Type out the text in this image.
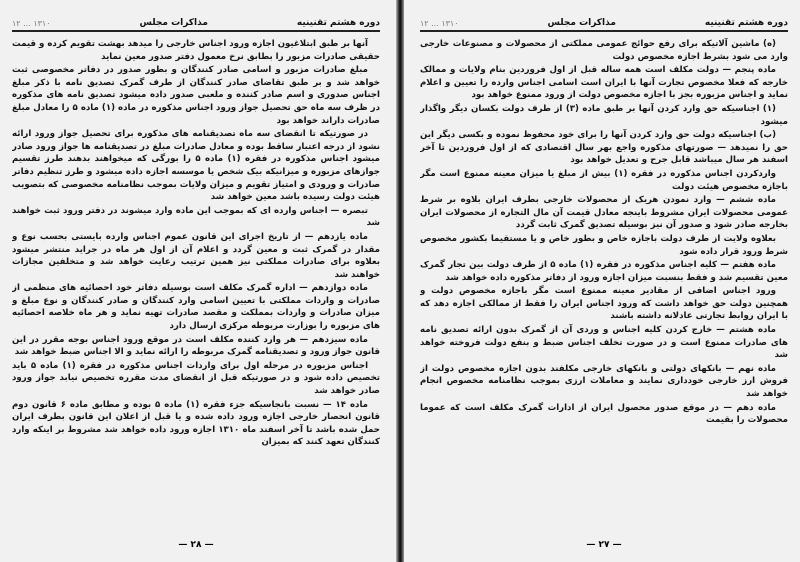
دوره هشتم تقنینیه
مذاکرات مجلس
۱۳۱۰ ... ۱۲

آنها بر طبق ابتلاغیون اجازه ورود اجناس خارجی را میدهد بهشت تقویم کرده و قیمت حقیقی صادرات مزبور را بطابق نرخ معمول دفتر صدور معین نماید

مبلغ صادرات مزبور و اسامی صادر کنندگان و بطور صدور در دفاتر مخصوصی ثبت خواهد شد و بر طبق تقاضای صادر کنندگان از طرف گمرک تصدیق نامه با ذکر مبلغ اجناس صدوری و اسم صادر کننده و ملعبی صدور داده میشود تصدیق نامه های مذکوره در ظرف سه ماه حق تحصیل جواز ورود اجناس مذکوره در ماده (۱) ماده ۵ را معادل مبلغ صادرات داراند خواهد بود

در صورتیکه تا انقضای سه ماه تصدیقنامه های مذکوره برای تحصیل جواز ورود ارائه نشود از درجه اعتبار ساقط بوده و معادل صادرات مبلغ در تصدیقنامه ها جواز ورود صادر میشود اجناس مذکوره در فقره (۱) ماده ۵ را بورگی که میخواهند بدهند طرز تقسیم جوازهای مزبوره و میزانیکه بیک شخص یا موسسه اجازه داده میشود و طرز تنظیم دفاتر صادرات و ورودی و امتیاز تقویم و میزان ولایات بموجب نظامنامه مخصوصی که بتصویب هیئت دولت رسیده باشد معین خواهد شد

تبصره — اجناس وارده ای که بموجب این ماده وارد میشوند در دفتر ورود ثبت خواهند شد

ماده یازدهم — از تاریخ اجرای این قانون عموم اجناس وارده بایستی بحسب نوع و مقدار در گمرک ثبت و معین گردد و اعلام آن از اول هر ماه در جراید منتشر میشود بعلاوه برای صادرات مملکتی نیز همین ترتیب رعایت خواهد شد و متخلفین مجازات خواهند شد

ماده دوازدهم — اداره گمرک مکلف است بوسیله دفاتر خود احصائیه های منظمی از صادرات و واردات مملکتی با تعیین اسامی وارد کنندگان و صادر کنندگان و نوع مبلغ و میزان صادرات و واردات بمملکت و مقصد صادرات تهیه نماید و هر ماه خلاصه احصائیه های مزبوره را بوزارت مربوطه مرکزی ارسال دارد

ماده سیزدهم — هر وارد کننده مکلف است در موقع ورود اجناس بوجه مقرر در این قانون جواز ورود و تصدیقنامه گمرک مربوطه را ارائه نماید و الا اجناس ضبط خواهد شد

اجناس مزبوره در مرحله اول برای واردات اجناس مذکوره در فقره (۱) ماده ۵ باید تخصیص داده شود و در صورتیکه قبل از انقضای مدت مقرره تخصیص نیابد جواز ورود صادر خواهد شد

ماده ۱۴ — نسبت بانجاسیکه جزء فقره (۱) ماده ۵ بوده و مطابق ماده ۶ قانون دوم قانون انحصار خارجی اجازه ورود داده شده و یا قبل از اعلان این قانون بطرف ایران حمل شده باشد تا آخر اسفند ماه ۱۳۱۰ اجازه ورود داده خواهد شد مشروط بر اینکه وارد کنندگان تعهد کنند که بمیزان

— ۲۸ —
دوره هشتم تقنینیه
مذاکرات مجلس
۱۳۱۰ ... ۱۲

(ه) ماشین آلاتیکه برای رفع حوائج عمومی مملکتی از محصولات و مصنوعات خارجی وارد می شود بشرط اجازه مخصوص دولت

ماده پنجم — دولت مکلف است همه ساله قبل از اول فروردین بنام ولایات و ممالک خارجه که فعلا مخصوص تجارت آنها با ایران است اسامی اجناس وارده را تعیین و اعلام نماید و اجناس مزبوره بجز با اجازه مخصوص دولت از ورود ممنوع خواهد بود

(۱) اجناسیکه حق وارد کردن آنها بر طبق ماده (۳) از طرف دولت بکسان دیگر واگذار میشود

(ب) اجناسیکه دولت حق وارد کردن آنها را برای خود محفوظ نموده و بکسی دیگر این حق را نمیدهد — صورتهای مذکوره واجع بهر سال اقتصادی که از اول فروردین تا آخر اسفند هر سال میباشد قابل جرح و تعدیل خواهد بود

واردکردن اجناس مذکوره در فقره (۱) بیش از مبلغ یا میزان معینه ممنوع است مگر باجازه مخصوص هیئت دولت

ماده ششم — وارد نمودن هریک از محصولات خارجی بطرف ایران بلاوه بر شرط عمومی محصولات ایران مشروط باینجه معادل قیمت آن مال التجاره از محصولات ایران بخارجه صادر شود و صدور آن نیز بوسیله تصدیق گمرک ثابت گردد

بعلاوه ولایت از طرف دولت باجازه خاص و بطور خاص و یا مستقیما بکشور مخصوص شرط ورود قرار داده شود

ماده هفتم — کلیه اجناس مذکوره در فقره (۱) ماده ۵ از طرف دولت بین تجار گمرک معین تقسیم شد و فقط بنسبت میزان اجازه ورود از دفاتر مذکوره داده خواهد شد

ورود اجناس اضافی از مقادیر معینه ممنوع است مگر باجازه مخصوص دولت و همچنین دولت حق خواهد داشت که ورود اجناس ایران را فقط از ممالکی اجازه دهد که با ایران روابط تجارتی عادلانه داشته باشند

ماده هشتم — خارج کردن کلیه اجناس و وردی آن از گمرک بدون ارائه تصدیق نامه های صادرات ممنوع است و در صورت تخلف اجناس ضبط و بنفع دولت فروخته خواهد شد

ماده نهم — بانکهای دولتی و بانکهای خارجی مکلفند بدون اجازه مخصوص دولت از فروش ارز خارجی خودداری نمایند و معاملات ارزی بموجب نظامنامه مخصوص انجام خواهد شد

ماده دهم — در موقع صدور محصول ایران از ادارات گمرک مکلف است که عموما محصولات را بقیمت

— ۲۷ —
